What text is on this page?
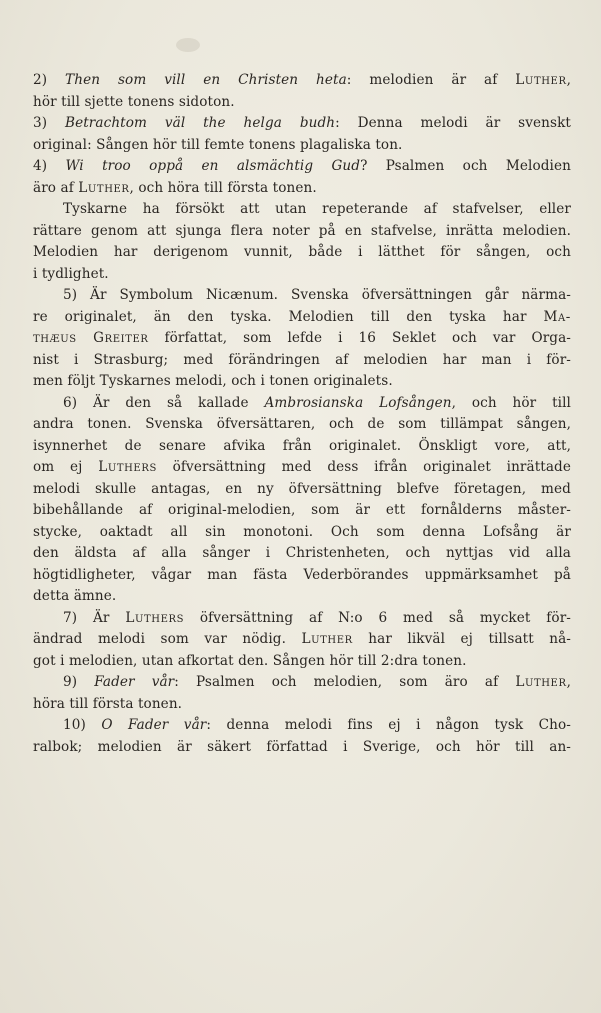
2) Then som vill en Christen heta: melodien är af Luther,
hör till sjette tonens sidoton.
3) Betrachtom väl the helga budh: Denna melodi är svenskt
original: Sången hör till femte tonens plagaliska ton.
4) Wi troo oppå en alsmächtig Gud? Psalmen och Melodien
äro af Luther, och höra till första tonen.
Tyskarne ha försökt att utan repeterande af stafvelser, eller
rättare genom att sjunga flera noter på en stafvelse, inrätta melodien.
Melodien har derigenom vunnit, både i lätthet för sången, och
i tydlighet.
5) Är Symbolum Nicænum. Svenska öfversättningen går närma-
re originalet, än den tyska. Melodien till den tyska har Ma-
thæus Greiter författat, som lefde i 16 Seklet och var Orga-
nist i Strasburg; med förändringen af melodien har man i för-
men följt Tyskarnes melodi, och i tonen originalets.
6) Är den så kallade Ambrosianska Lofsången, och hör till
andra tonen. Svenska öfversättaren, och de som tillämpat sången,
isynnerhet de senare afvika från originalet. Önskligt vore, att,
om ej Luthers öfversättning med dess ifrån originalet inrättade
melodi skulle antagas, en ny öfversättning blefve företagen, med
bibehållande af original-melodien, som är ett fornålderns måster-
stycke, oaktadt all sin monotoni. Och som denna Lofsång är
den äldsta af alla sånger i Christenheten, och nyttjas vid alla
högtidligheter, vågar man fästa Vederbörandes uppmärksamhet på
detta ämne.
7) Är Luthers öfversättning af N:o 6 med så mycket för-
ändrad melodi som var nödig. Luther har likväl ej tillsatt nå-
got i melodien, utan afkortat den. Sången hör till 2:dra tonen.
9) Fader vår: Psalmen och melodien, som äro af Luther,
höra till första tonen.
10) O Fader vår: denna melodi fins ej i någon tysk Cho-
ralbok; melodien är säkert författad i Sverige, och hör till an-
